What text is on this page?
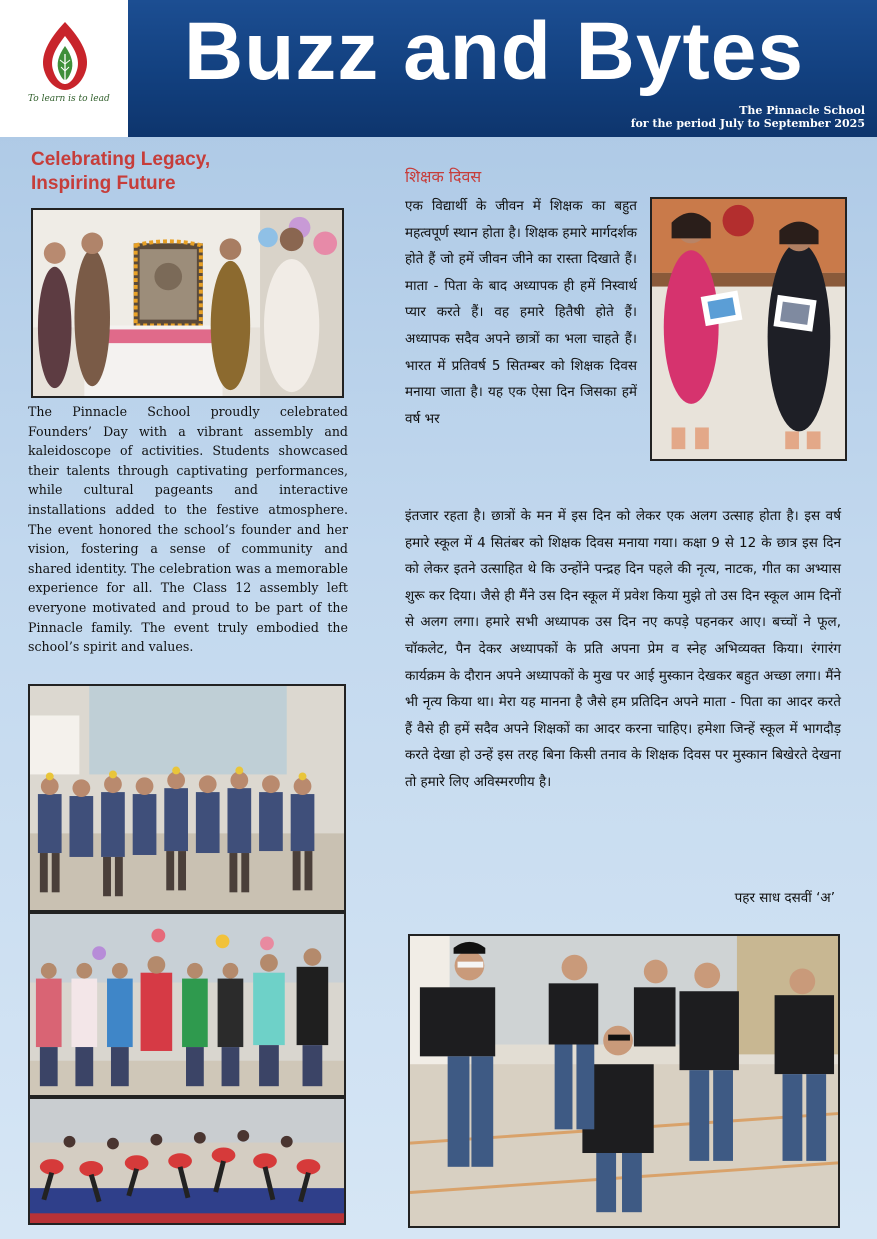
To learn is to lead
Buzz and Bytes
The Pinnacle School
for the period July to September 2025
Celebrating Legacy, Inspiring Future
The Pinnacle School proudly celebrated Founders’ Day with a vibrant assembly and kaleidoscope of activities. Students showcased their talents through captivating performances, while cultural pageants and interactive installations added to the festive atmosphere. The event honored the school’s founder and her vision, fostering a sense of community and shared identity. The celebration was a memorable experience for all. The Class 12 assembly left everyone motivated and proud to be part of the Pinnacle family. The event truly embodied the school’s spirit and values.
शिक्षक दिवस
एक विद्यार्थी के जीवन में शिक्षक का बहुत महत्वपूर्ण स्थान होता है। शिक्षक हमारे मार्गदर्शक होते हैं जो हमें जीवन जीने का रास्ता दिखाते हैं। माता - पिता के बाद अध्यापक ही हमें निस्वार्थ प्यार करते हैं। वह हमारे हितैषी होते हैं। अध्यापक सदैव अपने छात्रों का भला चाहते हैं। भारत में प्रतिवर्ष 5 सितम्बर को शिक्षक दिवस मनाया जाता है। यह एक ऐसा दिन जिसका हमें वर्ष भर
इंतजार रहता है। छात्रों के मन में इस दिन को लेकर एक अलग उत्साह होता है। इस वर्ष हमारे स्कूल में 4 सितंबर को शिक्षक दिवस मनाया गया। कक्षा 9 से 12 के छात्र इस दिन को लेकर इतने उत्साहित थे कि उन्होंने पन्द्रह दिन पहले की नृत्य, नाटक, गीत का अभ्यास शुरू कर दिया। जैसे ही मैंने उस दिन स्कूल में प्रवेश किया मुझे तो उस दिन स्कूल आम दिनों से अलग लगा। हमारे सभी अध्यापक उस दिन नए कपड़े पहनकर आए। बच्चों ने फूल, चॉकलेट, पैन देकर अध्यापकों के प्रति अपना प्रेम व स्नेह अभिव्यक्त किया। रंगारंग कार्यक्रम के दौरान अपने अध्यापकों के मुख पर आई मुस्कान देखकर बहुत अच्छा लगा। मैंने भी नृत्य किया था। मेरा यह मानना है जैसे हम प्रतिदिन अपने माता - पिता का आदर करते हैं वैसे ही हमें सदैव अपने शिक्षकों का आदर करना चाहिए। हमेशा जिन्हें स्कूल में भागदौड़ करते देखा हो उन्हें इस तरह बिना किसी तनाव के शिक्षक दिवस पर मुस्कान बिखेरते देखना तो हमारे लिए अविस्मरणीय है।
पहर साध दसवीं ‘अ’
